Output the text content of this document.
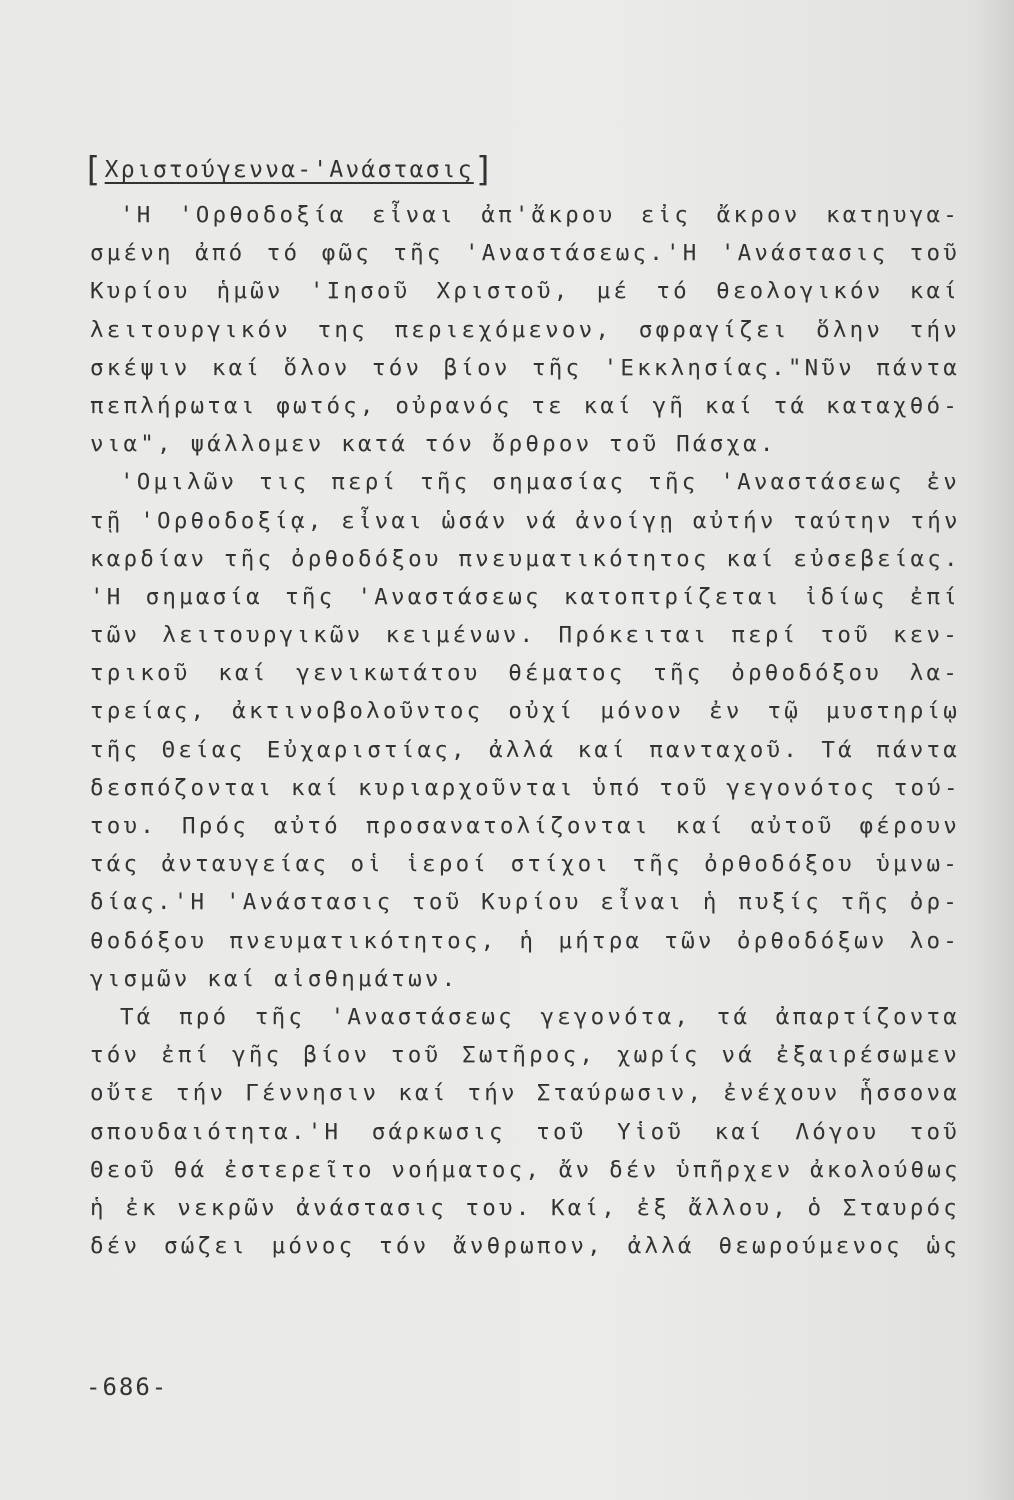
[Χριστούγεννα-'Ανάστασις]
'Η 'Ορθοδοξία εἶναι ἀπ'ἄκρου εἰς ἄκρον κατηυγα-
σμένη ἀπό τό φῶς τῆς 'Αναστάσεως.'Η 'Ανάστασις τοῦ
Κυρίου ἡμῶν 'Ιησοῦ Χριστοῦ, μέ τό θεολογικόν καί
λειτουργικόν της περιεχόμενον, σφραγίζει ὅλην τήν
σκέψιν καί ὅλον τόν βίον τῆς 'Εκκλησίας."Νῦν πάντα
πεπλήρωται φωτός, οὐρανός τε καί γῆ καί τά καταχθό-
νια", ψάλλομεν κατά τόν ὄρθρον τοῦ Πάσχα.
'Ομιλῶν τις περί τῆς σημασίας τῆς 'Αναστάσεως ἐν
τῇ 'Ορθοδοξίᾳ, εἶναι ὡσάν νά ἀνοίγῃ αὐτήν ταύτην τήν
καρδίαν τῆς ὀρθοδόξου πνευματικότητος καί εὐσεβείας.
'Η σημασία τῆς 'Αναστάσεως κατοπτρίζεται ἰδίως ἐπί
τῶν λειτουργικῶν κειμένων. Πρόκειται περί τοῦ κεν-
τρικοῦ καί γενικωτάτου θέματος τῆς ὀρθοδόξου λα-
τρείας, ἀκτινοβολοῦντος οὐχί μόνον ἐν τῷ μυστηρίῳ
τῆς Θείας Εὐχαριστίας, ἀλλά καί πανταχοῦ. Τά πάντα
δεσπόζονται καί κυριαρχοῦνται ὑπό τοῦ γεγονότος τού-
του. Πρός αὐτό προσανατολίζονται καί αὐτοῦ φέρουν
τάς ἀνταυγείας οἱ ἱεροί στίχοι τῆς ὀρθοδόξου ὑμνω-
δίας.'Η 'Ανάστασις τοῦ Κυρίου εἶναι ἡ πυξίς τῆς ὀρ-
θοδόξου πνευματικότητος, ἡ μήτρα τῶν ὀρθοδόξων λο-
γισμῶν καί αἰσθημάτων.
Τά πρό τῆς 'Αναστάσεως γεγονότα, τά ἀπαρτίζοντα
τόν ἐπί γῆς βίον τοῦ Σωτῆρος, χωρίς νά ἐξαιρέσωμεν
οὔτε τήν Γέννησιν καί τήν Σταύρωσιν, ἐνέχουν ἧσσονα
σπουδαιότητα.'Η σάρκωσις τοῦ Υἱοῦ καί Λόγου τοῦ
Θεοῦ θά ἐστερεῖτο νοήματος, ἄν δέν ὑπῆρχεν ἀκολούθως
ἡ ἐκ νεκρῶν ἀνάστασις του. Καί, ἐξ ἄλλου, ὁ Σταυρός
δέν σώζει μόνος τόν ἄνθρωπον, ἀλλά θεωρούμενος ὡς
-686-
